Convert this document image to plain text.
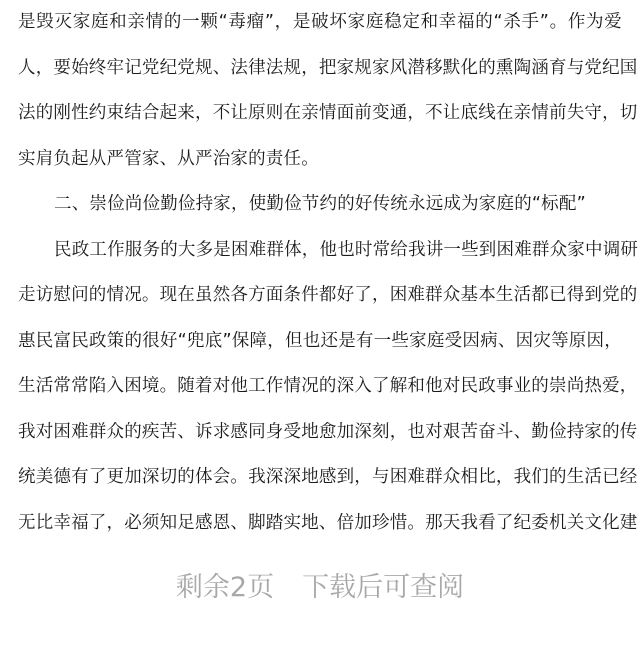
是毁灭家庭和亲情的一颗“毒瘤”，是破坏家庭稳定和幸福的“杀手”。作为爱
人，要始终牢记党纪党规、法律法规，把家规家风潜移默化的熏陶涵育与党纪国
法的刚性约束结合起来，不让原则在亲情面前变通，不让底线在亲情前失守，切
实肩负起从严管家、从严治家的责任。
二、崇俭尚俭勤俭持家，使勤俭节约的好传统永远成为家庭的“标配”
民政工作服务的大多是困难群体，他也时常给我讲一些到困难群众家中调研
走访慰问的情况。现在虽然各方面条件都好了，困难群众基本生活都已得到党的
惠民富民政策的很好“兜底”保障，但也还是有一些家庭受因病、因灾等原因，
生活常常陷入困境。随着对他工作情况的深入了解和他对民政事业的崇尚热爱，
我对困难群众的疾苦、诉求感同身受地愈加深刻，也对艰苦奋斗、勤俭持家的传
统美德有了更加深切的体会。我深深地感到，与困难群众相比，我们的生活已经
无比幸福了，必须知足感恩、脚踏实地、倍加珍惜。那天我看了纪委机关文化建
剩余2页 下载后可查阅
